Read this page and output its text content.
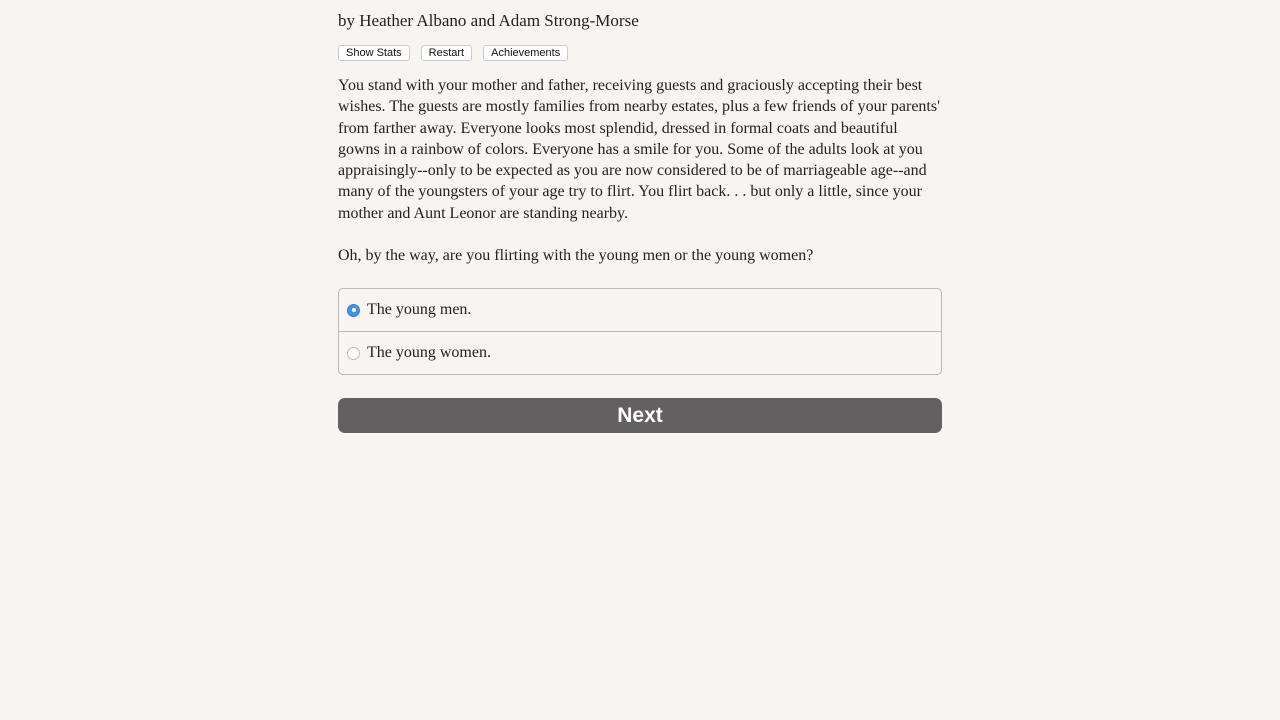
by Heather Albano and Adam Strong-Morse
Show Stats	Restart	Achievements

You stand with your mother and father, receiving guests and graciously accepting their best wishes. The guests are mostly families from nearby estates, plus a few friends of your parents' from farther away. Everyone looks most splendid, dressed in formal coats and beautiful gowns in a rainbow of colors. Everyone has a smile for you. Some of the adults look at you appraisingly--only to be expected as you are now considered to be of marriageable age--and many of the youngsters of your age try to flirt. You flirt back. . . but only a little, since your mother and Aunt Leonor are standing nearby.

Oh, by the way, are you flirting with the young men or the young women?

The young men.
The young women.
Next
